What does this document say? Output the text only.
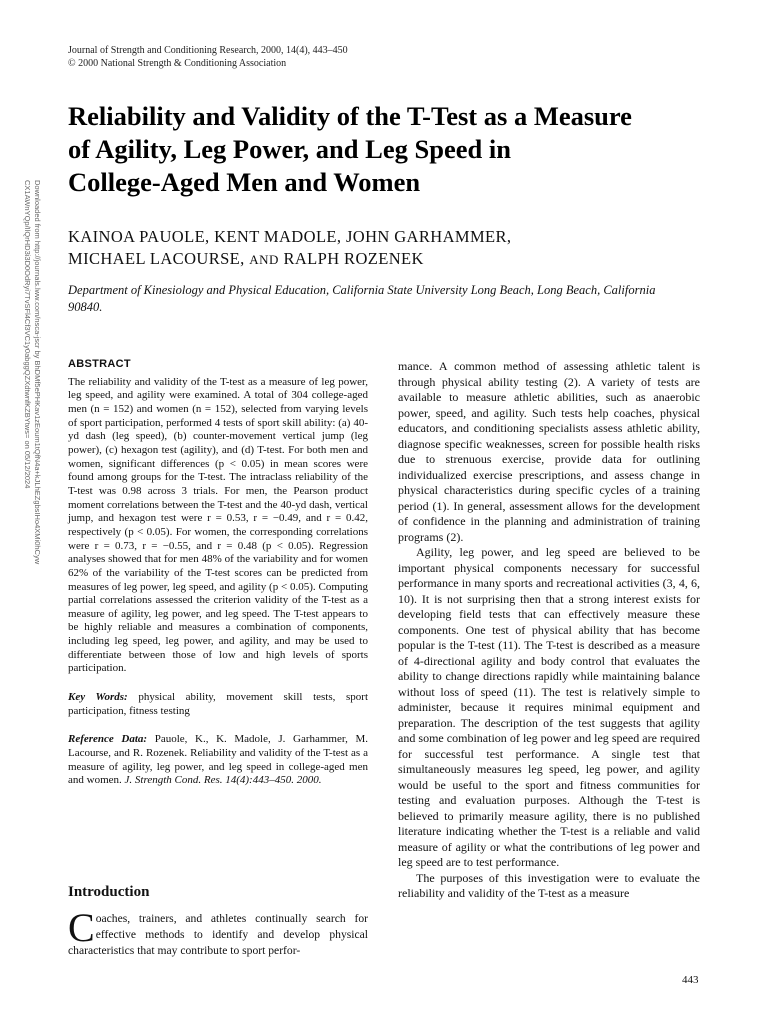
Journal of Strength and Conditioning Research, 2000, 14(4), 443–450
© 2000 National Strength & Conditioning Association
Downloaded from http://journals.lww.com/nsca-jscr by BhDMf5ePHKav1zEoum1tQfN4a+kJLhEZgbsIHo4XMi0hCyw
CX1AWnYQp/IlQrHD3i3D0OdRyi7TvSFl4Cf3VC1y0abggQZXdtwnfKZBYtws= on 05/12/2024
Reliability and Validity of the T-Test as a Measure
of Agility, Leg Power, and Leg Speed in
College-Aged Men and Women
KAINOA PAUOLE, KENT MADOLE, JOHN GARHAMMER,
MICHAEL LACOURSE, AND RALPH ROZENEK
Department of Kinesiology and Physical Education, California State University Long Beach, Long Beach, California 90840.
ABSTRACT

The reliability and validity of the T-test as a measure of leg power, leg speed, and agility were examined. A total of 304 college-aged men (n = 152) and women (n = 152), selected from varying levels of sport participation, performed 4 tests of sport skill ability: (a) 40-yd dash (leg speed), (b) counter-movement vertical jump (leg power), (c) hexagon test (agility), and (d) T-test. For both men and women, significant differences (p < 0.05) in mean scores were found among groups for the T-test. The intraclass reliability of the T-test was 0.98 across 3 trials. For men, the Pearson product moment correlations between the T-test and the 40-yd dash, vertical jump, and hexagon test were r = 0.53, r = −0.49, and r = 0.42, respectively (p < 0.05). For women, the corresponding correlations were r = 0.73, r = −0.55, and r = 0.48 (p < 0.05). Regression analyses showed that for men 48% of the variability and for women 62% of the variability of the T-test scores can be predicted from measures of leg power, leg speed, and agility (p < 0.05). Computing partial correlations assessed the criterion validity of the T-test as a measure of agility, leg power, and leg speed. The T-test appears to be highly reliable and measures a combination of components, including leg speed, leg power, and agility, and may be used to differentiate between those of low and high levels of sports participation.

Key Words: physical ability, movement skill tests, sport participation, fitness testing

Reference Data: Pauole, K., K. Madole, J. Garhammer, M. Lacourse, and R. Rozenek. Reliability and validity of the T-test as a measure of agility, leg power, and leg speed in college-aged men and women. J. Strength Cond. Res. 14(4):443–450. 2000.

Introduction
Coaches, trainers, and athletes continually search for effective methods to identify and develop physical characteristics that may contribute to sport perfor-

mance. A common method of assessing athletic talent is through physical ability testing (2). A variety of tests are available to measure athletic abilities, such as anaerobic power, speed, and agility. Such tests help coaches, physical educators, and conditioning specialists assess athletic ability, diagnose specific weaknesses, screen for possible health risks due to strenuous exercise, provide data for outlining individualized exercise prescriptions, and assess change in physical characteristics during specific cycles of a training period (1). In general, assessment allows for the development of confidence in the planning and administration of training programs (2).

Agility, leg power, and leg speed are believed to be important physical components necessary for successful performance in many sports and recreational activities (3, 4, 6, 10). It is not surprising then that a strong interest exists for developing field tests that can effectively measure these components. One test of physical ability that has become popular is the T-test (11). The T-test is described as a measure of 4-directional agility and body control that evaluates the ability to change directions rapidly while maintaining balance without loss of speed (11). The test is relatively simple to administer, because it requires minimal equipment and preparation. The description of the test suggests that agility and some combination of leg power and leg speed are required for successful test performance. A single test that simultaneously measures leg speed, leg power, and agility would be useful to the sport and fitness communities for testing and evaluation purposes. Although the T-test is believed to primarily measure agility, there is no published literature indicating whether the T-test is a reliable and valid measure of agility or what the contributions of leg power and leg speed are to test performance.

The purposes of this investigation were to evaluate the reliability and validity of the T-test as a measure

443
